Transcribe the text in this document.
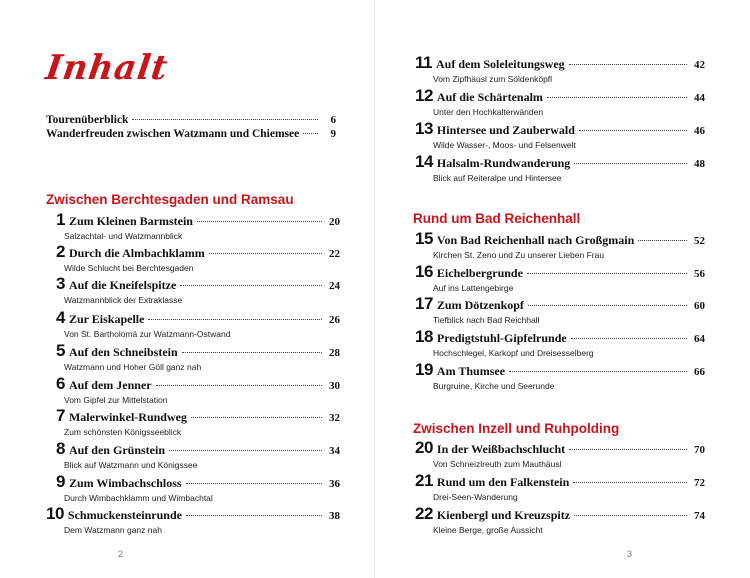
Inhalt
Tourenüberblick	6
Wanderfreuden zwischen Watzmann und Chiemsee	9
Zwischen Berchtesgaden und Ramsau
1 Zum Kleinen Barmstein	20
Salzachtal- und Watzmannblick
2 Durch die Almbachklamm	22
Wilde Schlucht bei Berchtesgaden
3 Auf die Kneifelspitze	24
Watzmannblick der Extraklasse
4 Zur Eiskapelle	26
Von St. Bartholomä zur Watzmann-Ostwand
5 Auf den Schneibstein	28
Watzmann und Hoher Göll ganz nah
6 Auf dem Jenner	30
Vom Gipfel zur Mittelstation
7 Malerwinkel-Rundweg	32
Zum schönsten Königsseeblick
8 Auf den Grünstein	34
Blick auf Watzmann und Königssee
9 Zum Wimbachschloss	36
Durch Wimbachklamm und Wimbachtal
10 Schmuckensteinrunde	38
Dem Watzmann ganz nah
2
11 Auf dem Soleleitungsweg	42
Vom Zipfhäusl zum Söldenköpfl
12 Auf die Schärtenalm	44
Unter den Hochkalterwänden
13 Hintersee und Zauberwald	46
Wilde Wasser-, Moos- und Felsenwelt
14 Halsalm-Rundwanderung	48
Blick auf Reiteralpe und Hintersee
Rund um Bad Reichenhall
15 Von Bad Reichenhall nach Großgmain	52
Kirchen St. Zeno und Zu unserer Lieben Frau
16 Eichelbergrunde	56
Auf ins Lattengebirge
17 Zum Dötzenkopf	60
Tiefblick nach Bad Reichhall
18 Predigtstuhl-Gipfelrunde	64
Hochschlegel, Karkopf und Dreisesselberg
19 Am Thumsee	66
Burgruine, Kirche und Seerunde
Zwischen Inzell und Ruhpolding
20 In der Weißbachschlucht	70
Von Schneizlreuth zum Mauthäusl
21 Rund um den Falkenstein	72
Drei-Seen-Wanderung
22 Kienbergl und Kreuzspitz	74
Kleine Berge, große Aussicht
3
